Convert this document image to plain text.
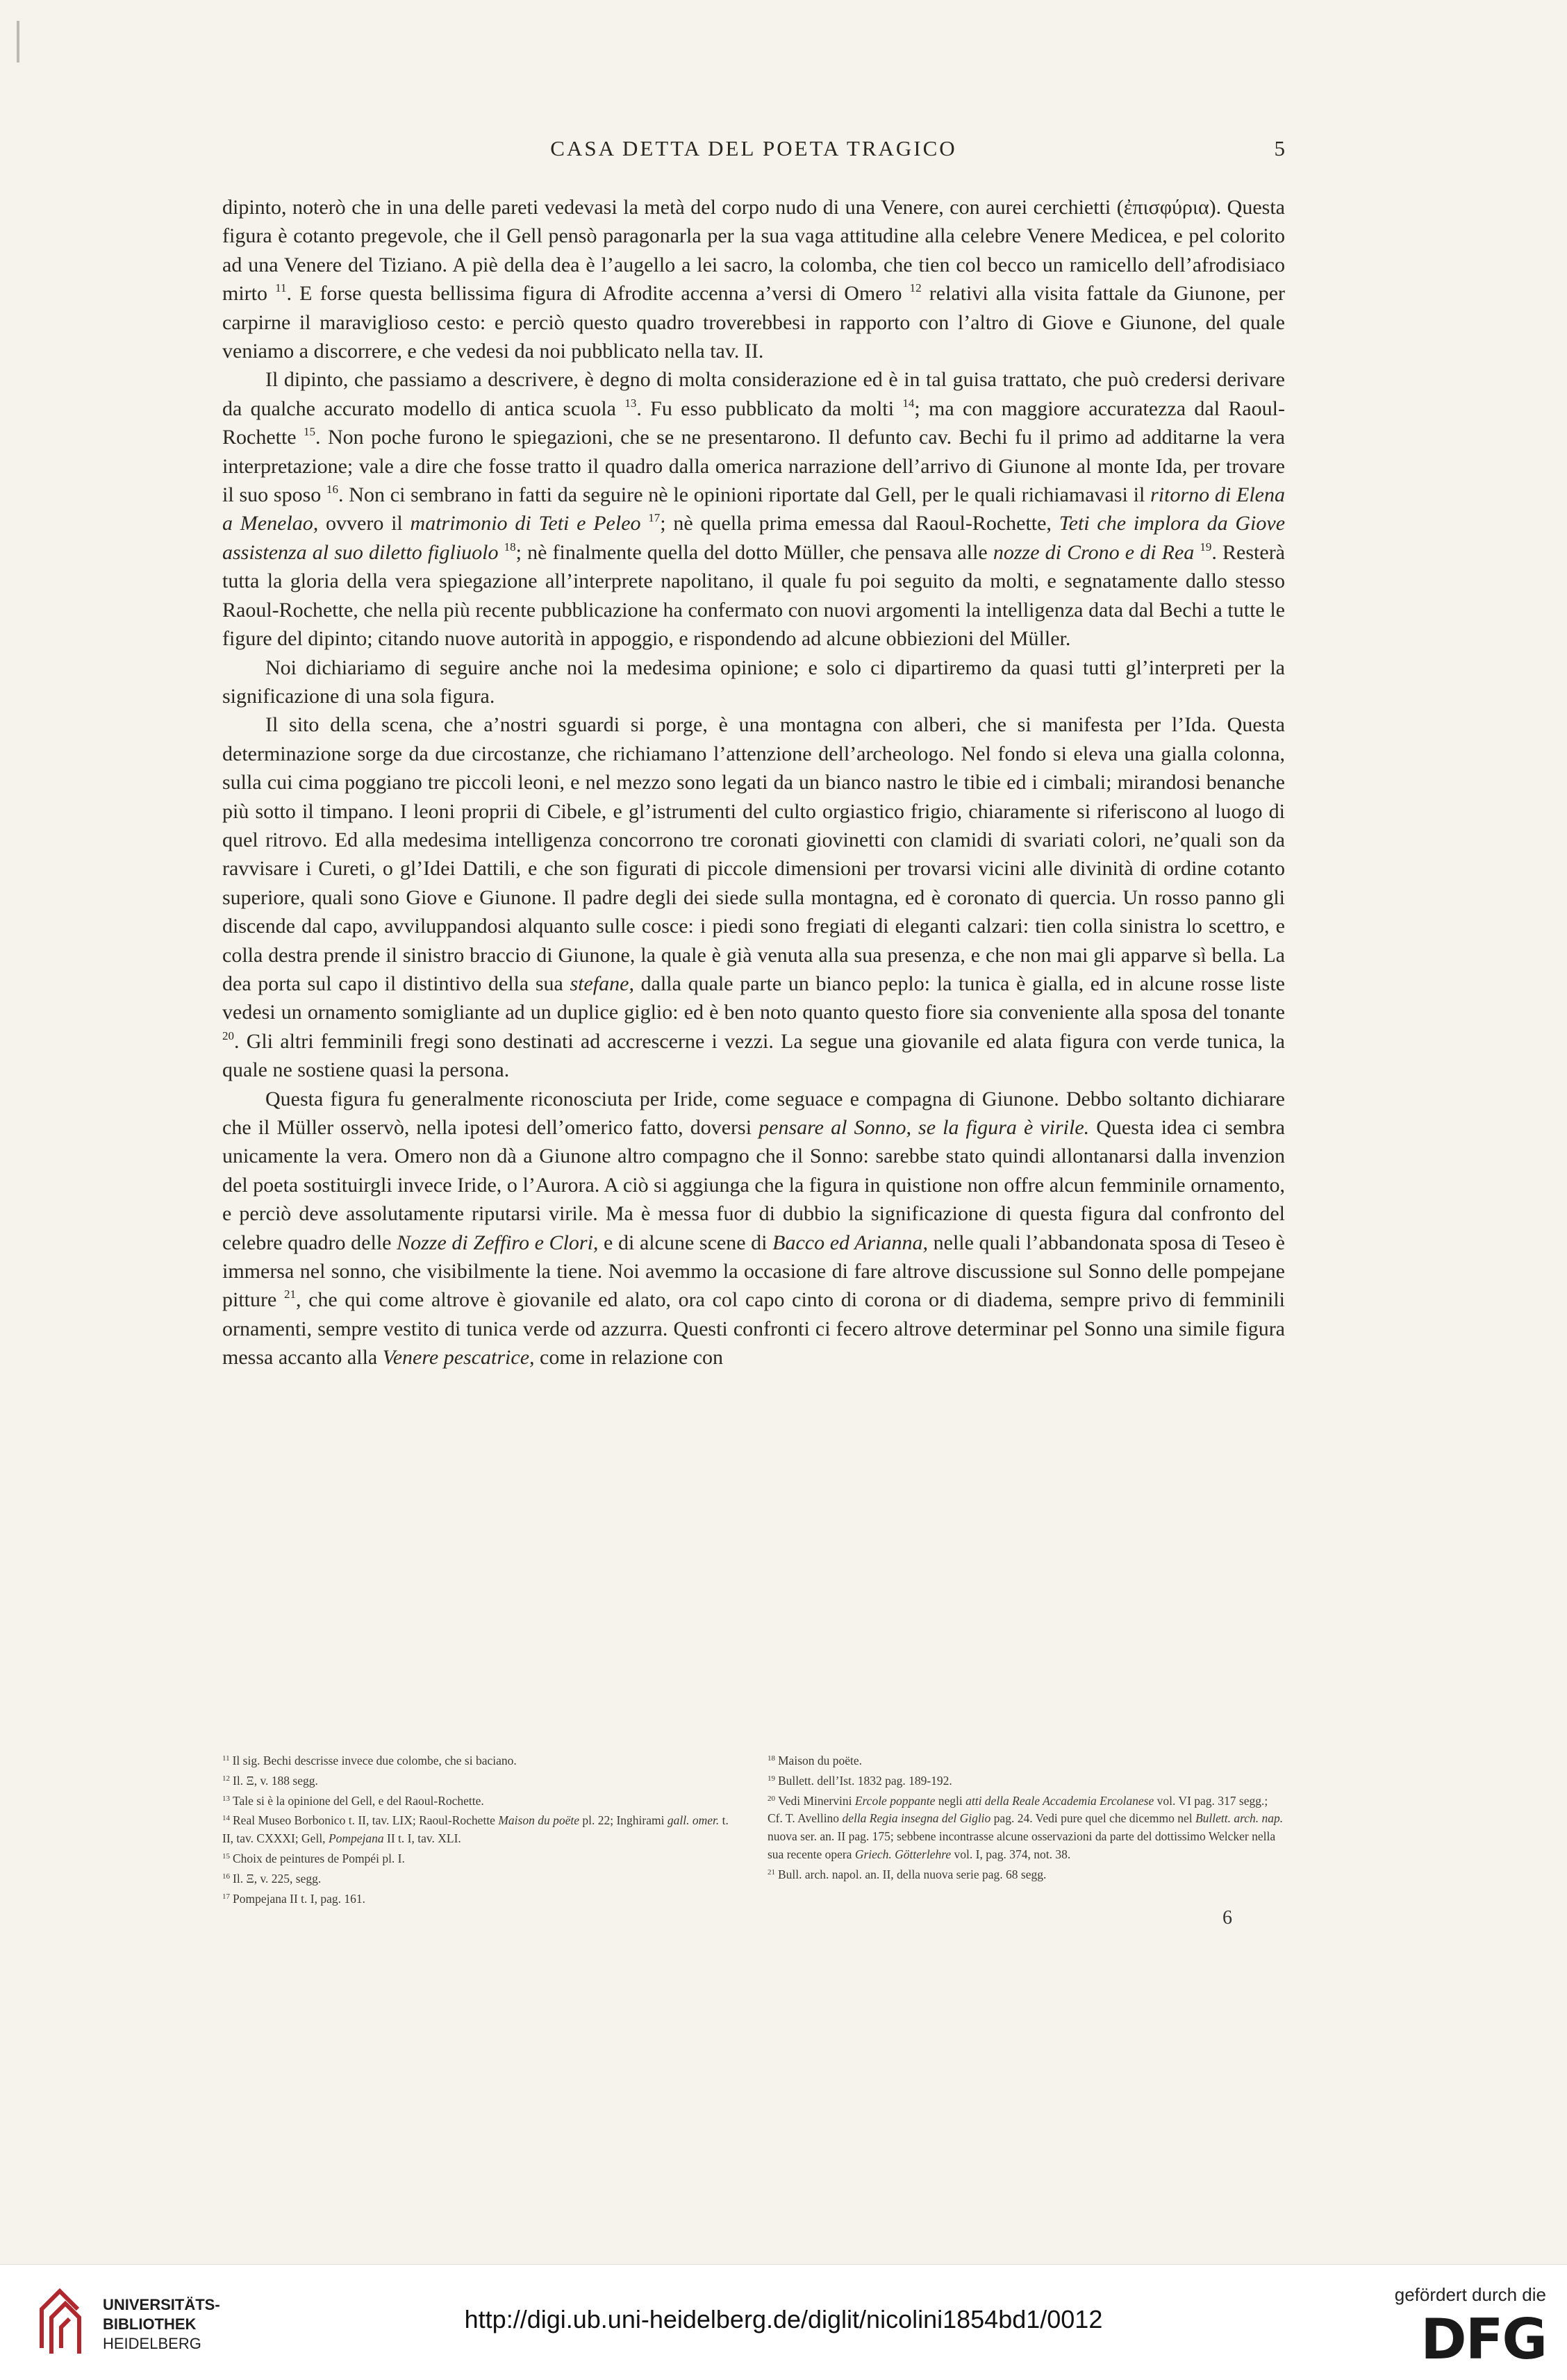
CASA DETTA DEL POETA TRAGICO	5

dipinto, noterò che in una delle pareti vedevasi la metà del corpo nudo di una Venere, con aurei cerchietti (ἐπισφύρια). Questa figura è cotanto pregevole, che il Gell pensò paragonarla per la sua vaga attitudine alla celebre Venere Medicea, e pel colorito ad una Venere del Tiziano. A piè della dea è l’augello a lei sacro, la colomba, che tien col becco un ramicello dell’afrodisiaco mirto $^{11}$. E forse questa bellissima figura di Afrodite accenna a’versi di Omero $^{12}$ relativi alla visita fattale da Giunone, per carpirne il maraviglioso cesto: e perciò questo quadro troverebbesi in rapporto con l’altro di Giove e Giunone, del quale veniamo a discorrere, e che vedesi da noi pubblicato nella tav. II.

Il dipinto, che passiamo a descrivere, è degno di molta considerazione ed è in tal guisa trattato, che può credersi derivare da qualche accurato modello di antica scuola $^{13}$. Fu esso pubblicato da molti $^{14}$; ma con maggiore accuratezza dal Raoul-Rochette $^{15}$. Non poche furono le spiegazioni, che se ne presentarono. Il defunto cav. Bechi fu il primo ad additarne la vera interpretazione; vale a dire che fosse tratto il quadro dalla omerica narrazione dell’arrivo di Giunone al monte Ida, per trovare il suo sposo $^{16}$. Non ci sembrano in fatti da seguire nè le opinioni riportate dal Gell, per le quali richiamavasi il ritorno di Elena a Menelao, ovvero il matrimonio di Teti e Peleo $^{17}$; nè quella prima emessa dal Raoul-Rochette, Teti che implora da Giove assistenza al suo diletto figliuolo $^{18}$; nè finalmente quella del dotto Müller, che pensava alle nozze di Crono e di Rea $^{19}$. Resterà tutta la gloria della vera spiegazione all’interprete napolitano, il quale fu poi seguito da molti, e segnatamente dallo stesso Raoul-Rochette, che nella più recente pubblicazione ha confermato con nuovi argomenti la intelligenza data dal Bechi a tutte le figure del dipinto; citando nuove autorità in appoggio, e rispondendo ad alcune obbiezioni del Müller.

Noi dichiariamo di seguire anche noi la medesima opinione; e solo ci dipartiremo da quasi tutti gl’interpreti per la significazione di una sola figura.

Il sito della scena, che a’nostri sguardi si porge, è una montagna con alberi, che si manifesta per l’Ida. Questa determinazione sorge da due circostanze, che richiamano l’attenzione dell’archeologo. Nel fondo si eleva una gialla colonna, sulla cui cima poggiano tre piccoli leoni, e nel mezzo sono legati da un bianco nastro le tibie ed i cimbali; mirandosi benanche più sotto il timpano. I leoni proprii di Cibele, e gl’istrumenti del culto orgiastico frigio, chiaramente si riferiscono al luogo di quel ritrovo. Ed alla medesima intelligenza concorrono tre coronati giovinetti con clamidi di svariati colori, ne’quali son da ravvisare i Cureti, o gl’Idei Dattili, e che son figurati di piccole dimensioni per trovarsi vicini alle divinità di ordine cotanto superiore, quali sono Giove e Giunone. Il padre degli dei siede sulla montagna, ed è coronato di quercia. Un rosso panno gli discende dal capo, avviluppandosi alquanto sulle cosce: i piedi sono fregiati di eleganti calzari: tien colla sinistra lo scettro, e colla destra prende il sinistro braccio di Giunone, la quale è già venuta alla sua presenza, e che non mai gli apparve sì bella. La dea porta sul capo il distintivo della sua stefane, dalla quale parte un bianco peplo: la tunica è gialla, ed in alcune rosse liste vedesi un ornamento somigliante ad un duplice giglio: ed è ben noto quanto questo fiore sia conveniente alla sposa del tonante $^{20}$. Gli altri femminili fregi sono destinati ad accrescerne i vezzi. La segue una giovanile ed alata figura con verde tunica, la quale ne sostiene quasi la persona.

Questa figura fu generalmente riconosciuta per Iride, come seguace e compagna di Giunone. Debbo soltanto dichiarare che il Müller osservò, nella ipotesi dell’omerico fatto, doversi pensare al Sonno, se la figura è virile. Questa idea ci sembra unicamente la vera. Omero non dà a Giunone altro compagno che il Sonno: sarebbe stato quindi allontanarsi dalla invenzion del poeta sostituirgli invece Iride, o l’Aurora. A ciò si aggiunga che la figura in quistione non offre alcun femminile ornamento, e perciò deve assolutamente riputarsi virile. Ma è messa fuor di dubbio la significazione di questa figura dal confronto del celebre quadro delle Nozze di Zeffiro e Clori, e di alcune scene di Bacco ed Arianna, nelle quali l’abbandonata sposa di Teseo è immersa nel sonno, che visibilmente la tiene. Noi avemmo la occasione di fare altrove discussione sul Sonno delle pompejane pitture $^{21}$, che qui come altrove è giovanile ed alato, ora col capo cinto di corona or di diadema, sempre privo di femminili ornamenti, sempre vestito di tunica verde od azzurra. Questi confronti ci fecero altrove determinar pel Sonno una simile figura messa accanto alla Venere pescatrice, come in relazione con

$^{11}$ Il sig. Bechi descrisse invece due colombe, che si baciano.
$^{12}$ Il. Ξ, v. 188 segg.
$^{13}$ Tale si è la opinione del Gell, e del Raoul-Rochette.
$^{14}$ Real Museo Borbonico t. II, tav. LIX; Raoul-Rochette Maison du poëte pl. 22; Inghirami gall. omer. t. II, tav. CXXXI; Gell, Pompejana II t. I, tav. XLI.
$^{15}$ Choix de peintures de Pompéi pl. I.
$^{16}$ Il. Ξ, v. 225, segg.
$^{17}$ Pompejana II t. I, pag. 161.
$^{18}$ Maison du poëte.
$^{19}$ Bullett. dell’Ist. 1832 pag. 189-192.
$^{20}$ Vedi Minervini Ercole poppante negli atti della Reale Accademia Ercolanese vol. VI pag. 317 segg.; Cf. T. Avellino della Regia insegna del Giglio pag. 24. Vedi pure quel che dicemmo nel Bullett. arch. nap. nuova ser. an. II pag. 175; sebbene incontrasse alcune osservazioni da parte del dottissimo Welcker nella sua recente opera Griech. Götterlehre vol. I, pag. 374, not. 38.
$^{21}$ Bull. arch. napol. an. II, della nuova serie pag. 68 segg.
6
UNIVERSITÄTS-
BIBLIOTHEK
HEIDELBERG
http://digi.ub.uni-heidelberg.de/diglit/nicolini1854bd1/0012
gefördert durch die
DFG
